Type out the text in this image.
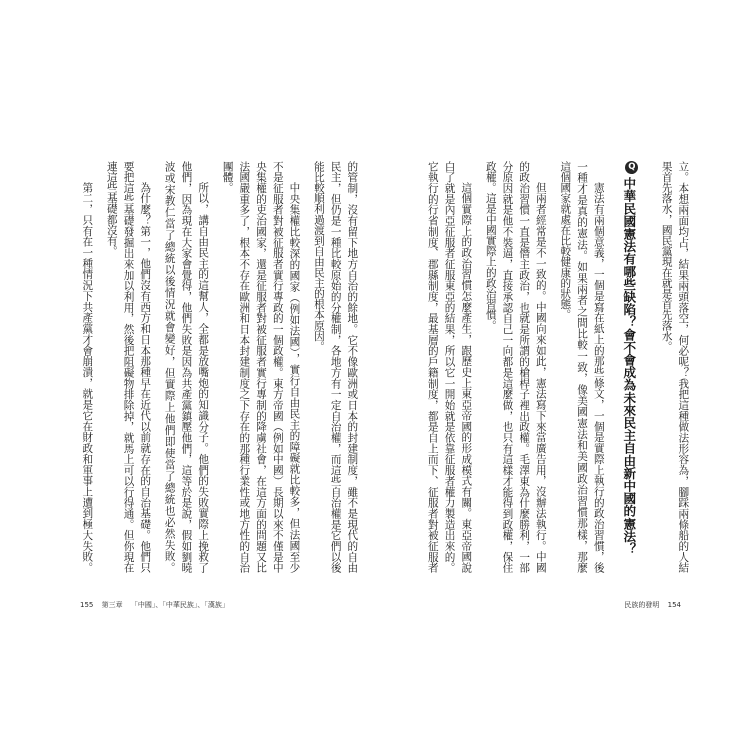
的管制，沒有留下地方自治的餘地。它不像歐洲或日本的封建制度，雖不是現代的自由
民主，但仍是一種比較原始的分權制，各地方有一定自治權，而這些自治權是它們以後
能比較順利過渡到自由民主的根本原因。
中央集權比較深的國家（例如法國），實行自由民主的障礙就比較多，但法國至少
不是征服者對被征服者實行專政的一個政權。東方帝國（例如中國）長期以來不僅是中
央集權的吏治國家，還是征服者對被征服者實行專制的降虜社會，在這方面的問題又比
法國嚴重多了，根本不存在歐洲和日本封建制度之下存在的那種行業性或地方性的自治
團體。
所以，講自由民主的這幫人，全都是放嘴炮的知識分子。他們的失敗實際上挽救了
他們，因為現在大家會覺得，他們失敗是因為共產黨鎮壓他們，這等於是說，假如劉曉
波或宋教仁當了總統以後情況就會變好，但實際上他們即使當了總統也必然失敗。
為什麼？第一，他們沒有西方和日本那種早在近代以前就存在的自治基礎。他們只
要把這些基礎發掘出來加以利用，然後把阻礙物排除掉，就馬上可以行得通。但你現在
連這些基礎都沒有。
第二，只有在一種情況下共產黨才會崩潰，就是它在財政和軍事上遭到極大失敗。
155 第三章 「中國」、「中華民族」、「漢族」
立。本想兩面均占，結果兩頭落空，何必呢？我把這種做法形容為，腳踩兩條船的人結
果首先落水，國民黨現在就是首先落水。
Q中華民國憲法有哪些缺陷？會不會成為未來民主自由新中國的憲法？
憲法有兩個意義，一個是寫在紙上的那些條文，一個是實際上執行的政治習慣，後
一種才是真的憲法。如果兩者之間比較一致，像美國憲法和美國政治習慣那樣，那麼
這個國家就處在比較健康的狀態。
但兩者經常是不一致的。中國向來如此，憲法寫下來當廣告用，沒辦法執行。中國
的政治習慣一直是僭主政治，也就是所謂的槍桿子裡出政權。毛澤東為什麼勝利，一部
分原因就是他不裝逼，直接承認自己一向都是這麼做，也只有這樣才能得到政權，保住
政權。這是中國實際上的政治習慣。
這個實際上的政治習慣怎麼產生，跟歷史上東亞帝國的形成模式有關。東亞帝國說
白了就是內亞征服者征服東亞的結果，所以它一開始就是依靠征服者權力製造出來的。
它執行的行省制度、郡縣制度，最基層的戶籍制度，都是自上而下、征服者對被征服者
民族的發明 154
